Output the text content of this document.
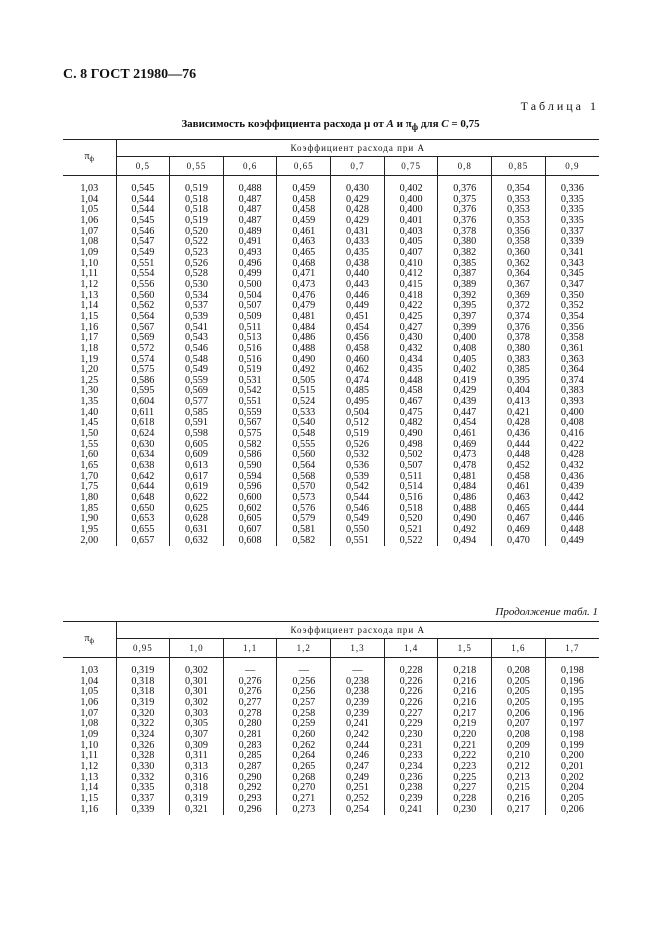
С. 8 ГОСТ 21980—76
Таблица 1
Зависимость коэффициента расхода μ от A и $\pi_ф$ для C = 0,75
$\pi_ф$	Коэффициент расхода при А								
	0,5	0,55	0,6	0,65	0,7	0,75	0,8	0,85	0,9

1,03	0,545	0,519	0,488	0,459	0,430	0,402	0,376	0,354	0,336
1,04	0,544	0,518	0,487	0,458	0,429	0,400	0,375	0,353	0,335
1,05	0,544	0,518	0,487	0,458	0,428	0,400	0,376	0,353	0,335
1,06	0,545	0,519	0,487	0,459	0,429	0,401	0,376	0,353	0,335
1,07	0,546	0,520	0,489	0,461	0,431	0,403	0,378	0,356	0,337
1,08	0,547	0,522	0,491	0,463	0,433	0,405	0,380	0,358	0,339
1,09	0,549	0,523	0,493	0,465	0,435	0,407	0,382	0,360	0,341
1,10	0,551	0,526	0,496	0,468	0,438	0,410	0,385	0,362	0,343
1,11	0,554	0,528	0,499	0,471	0,440	0,412	0,387	0,364	0,345
1,12	0,556	0,530	0,500	0,473	0,443	0,415	0,389	0,367	0,347
1,13	0,560	0,534	0,504	0,476	0,446	0,418	0,392	0,369	0,350
1,14	0,562	0,537	0,507	0,479	0,449	0,422	0,395	0,372	0,352
1,15	0,564	0,539	0,509	0,481	0,451	0,425	0,397	0,374	0,354
1,16	0,567	0,541	0,511	0,484	0,454	0,427	0,399	0,376	0,356
1,17	0,569	0,543	0,513	0,486	0,456	0,430	0,400	0,378	0,358
1,18	0,572	0,546	0,516	0,488	0,458	0,432	0,408	0,380	0,361
1,19	0,574	0,548	0,516	0,490	0,460	0,434	0,405	0,383	0,363
1,20	0,575	0,549	0,519	0,492	0,462	0,435	0,402	0,385	0,364
1,25	0,586	0,559	0,531	0,505	0,474	0,448	0,419	0,395	0,374
1,30	0,595	0,569	0,542	0,515	0,485	0,458	0,429	0,404	0,383
1,35	0,604	0,577	0,551	0,524	0,495	0,467	0,439	0,413	0,393
1,40	0,611	0,585	0,559	0,533	0,504	0,475	0,447	0,421	0,400
1,45	0,618	0,591	0,567	0,540	0,512	0,482	0,454	0,428	0,408
1,50	0,624	0,598	0,575	0,548	0,519	0,490	0,461	0,436	0,416
1,55	0,630	0,605	0,582	0,555	0,526	0,498	0,469	0,444	0,422
1,60	0,634	0,609	0,586	0,560	0,532	0,502	0,473	0,448	0,428
1,65	0,638	0,613	0,590	0,564	0,536	0,507	0,478	0,452	0,432
1,70	0,642	0,617	0,594	0,568	0,539	0,511	0,481	0,458	0,436
1,75	0,644	0,619	0,596	0,570	0,542	0,514	0,484	0,461	0,439
1,80	0,648	0,622	0,600	0,573	0,544	0,516	0,486	0,463	0,442
1,85	0,650	0,625	0,602	0,576	0,546	0,518	0,488	0,465	0,444
1,90	0,653	0,628	0,605	0,579	0,549	0,520	0,490	0,467	0,446
1,95	0,655	0,631	0,607	0,581	0,550	0,521	0,492	0,469	0,448
2,00	0,657	0,632	0,608	0,582	0,551	0,522	0,494	0,470	0,449
Продолжение табл. 1
$\pi_ф$	Коэффициент расхода при А								
	0,95	1,0	1,1	1,2	1,3	1,4	1,5	1,6	1,7

1,03	0,319	0,302	—	—	—	0,228	0,218	0,208	0,198
1,04	0,318	0,301	0,276	0,256	0,238	0,226	0,216	0,205	0,196
1,05	0,318	0,301	0,276	0,256	0,238	0,226	0,216	0,205	0,195
1,06	0,319	0,302	0,277	0,257	0,239	0,226	0,216	0,205	0,195
1,07	0,320	0,303	0,278	0,258	0,239	0,227	0,217	0,206	0,196
1,08	0,322	0,305	0,280	0,259	0,241	0,229	0,219	0,207	0,197
1,09	0,324	0,307	0,281	0,260	0,242	0,230	0,220	0,208	0,198
1,10	0,326	0,309	0,283	0,262	0,244	0,231	0,221	0,209	0,199
1,11	0,328	0,311	0,285	0,264	0,246	0,233	0,222	0,210	0,200
1,12	0,330	0,313	0,287	0,265	0,247	0,234	0,223	0,212	0,201
1,13	0,332	0,316	0,290	0,268	0,249	0,236	0,225	0,213	0,202
1,14	0,335	0,318	0,292	0,270	0,251	0,238	0,227	0,215	0,204
1,15	0,337	0,319	0,293	0,271	0,252	0,239	0,228	0,216	0,205
1,16	0,339	0,321	0,296	0,273	0,254	0,241	0,230	0,217	0,206
